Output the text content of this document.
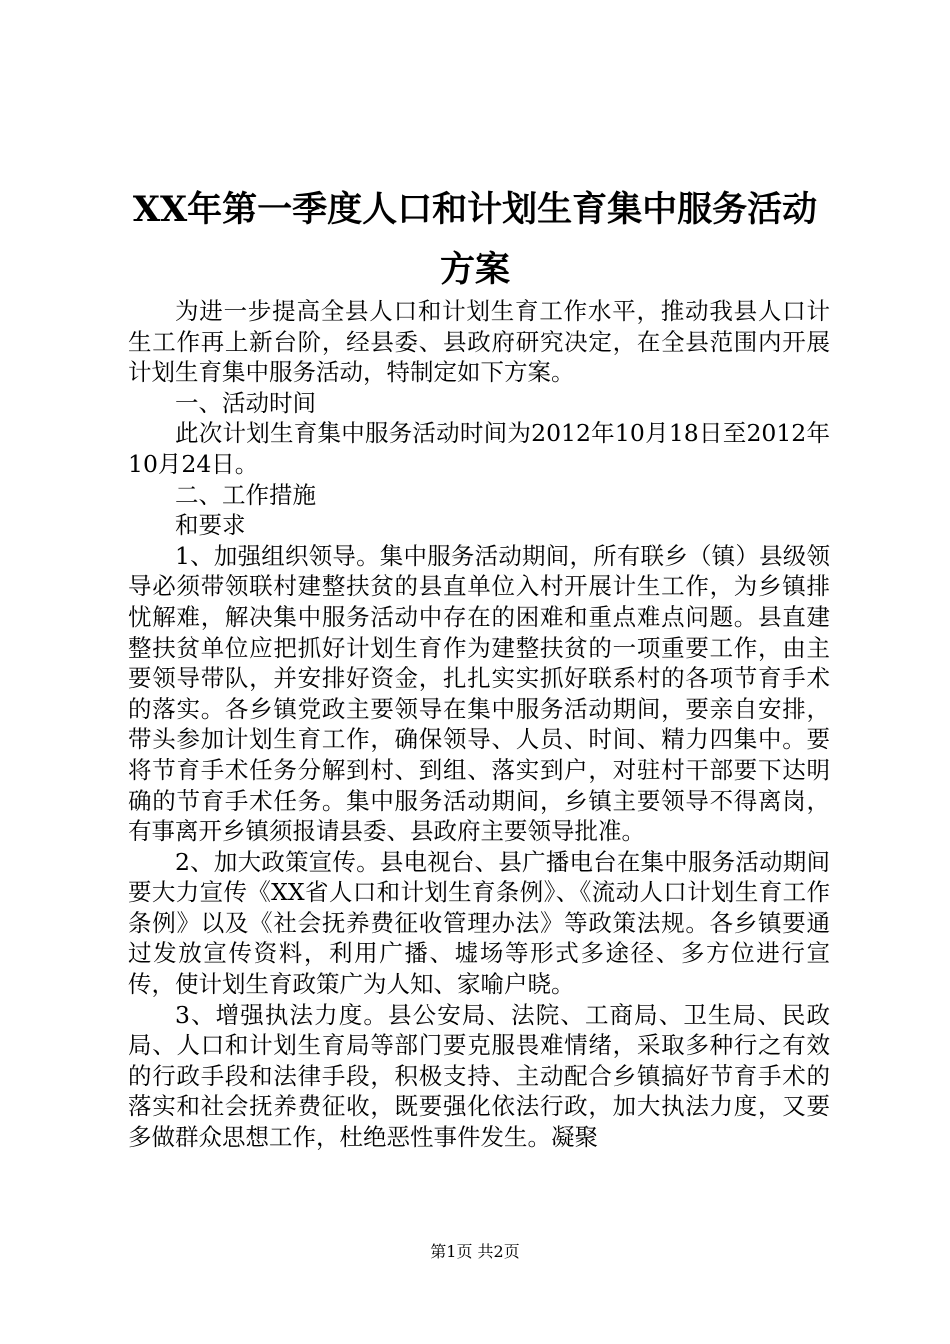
XX年第一季度人口和计划生育集中服务活动
方案

为进一步提高全县人口和计划生育工作水平，推动我县人口计生工作再上新台阶，经县委、县政府研究决定，在全县范围内开展计划生育集中服务活动，特制定如下方案。

一、活动时间

此次计划生育集中服务活动时间为2012年10月18日至2012年10月24日。

二、工作措施

和要求

1、加强组织领导。集中服务活动期间，所有联乡（镇）县级领导必须带领联村建整扶贫的县直单位入村开展计生工作，为乡镇排忧解难，解决集中服务活动中存在的困难和重点难点问题。县直建整扶贫单位应把抓好计划生育作为建整扶贫的一项重要工作，由主要领导带队，并安排好资金，扎扎实实抓好联系村的各项节育手术的落实。各乡镇党政主要领导在集中服务活动期间，要亲自安排，带头参加计划生育工作，确保领导、人员、时间、精力四集中。要将节育手术任务分解到村、到组、落实到户，对驻村干部要下达明确的节育手术任务。集中服务活动期间，乡镇主要领导不得离岗，有事离开乡镇须报请县委、县政府主要领导批准。

2、加大政策宣传。县电视台、县广播电台在集中服务活动期间要大力宣传《XX省人口和计划生育条例》、《流动人口计划生育工作条例》以及《社会抚养费征收管理办法》等政策法规。各乡镇要通过发放宣传资料，利用广播、墟场等形式多途径、多方位进行宣传，使计划生育政策广为人知、家喻户晓。

3、增强执法力度。县公安局、法院、工商局、卫生局、民政局、人口和计划生育局等部门要克服畏难情绪，采取多种行之有效的行政手段和法律手段，积极支持、主动配合乡镇搞好节育手术的落实和社会抚养费征收，既要强化依法行政，加大执法力度，又要多做群众思想工作，杜绝恶性事件发生。凝聚

第1页 共2页
